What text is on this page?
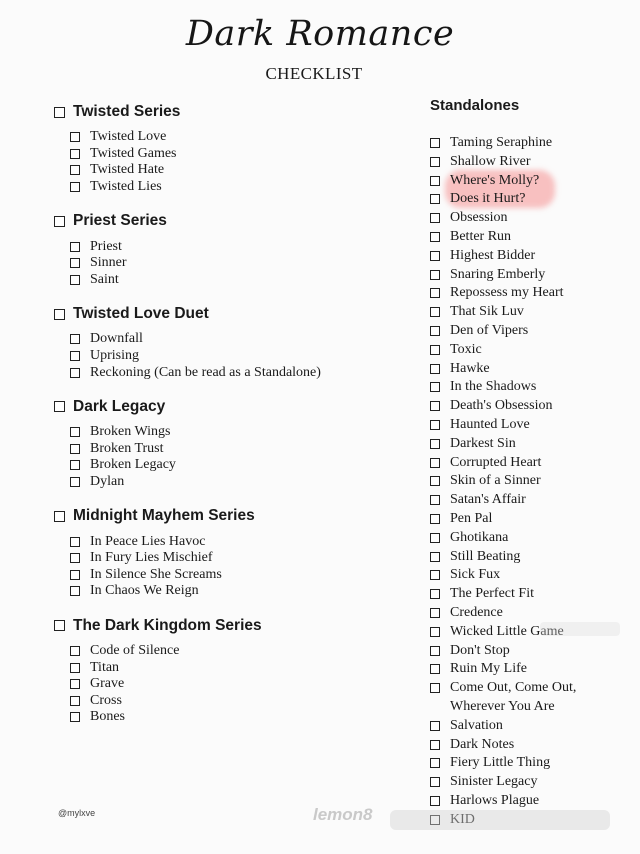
Dark Romance
CHECKLIST
Twisted Series
Twisted Love
Twisted Games
Twisted Hate
Twisted Lies
Priest Series
Priest
Sinner
Saint
Twisted Love Duet
Downfall
Uprising
Reckoning (Can be read as a Standalone)
Dark Legacy
Broken Wings
Broken Trust
Broken Legacy
Dylan
Midnight Mayhem Series
In Peace Lies Havoc
In Fury Lies Mischief
In Silence She Screams
In Chaos We Reign
The Dark Kingdom Series
Code of Silence
Titan
Grave
Cross
Bones
Standalones
Taming Seraphine
Shallow River
Where's Molly?
Does it Hurt?
Obsession
Better Run
Highest Bidder
Snaring Emberly
Repossess my Heart
That Sik Luv
Den of Vipers
Toxic
Hawke
In the Shadows
Death's Obsession
Haunted Love
Darkest Sin
Corrupted Heart
Skin of a Sinner
Satan's Affair
Pen Pal
Ghotikana
Still Beating
Sick Fux
The Perfect Fit
Credence
Wicked Little Game
Don't Stop
Ruin My Life
Come Out, Come Out,
Wherever You Are
Salvation
Dark Notes
Fiery Little Thing
Sinister Legacy
Harlows Plague
KID
@mylxve	lemon8
